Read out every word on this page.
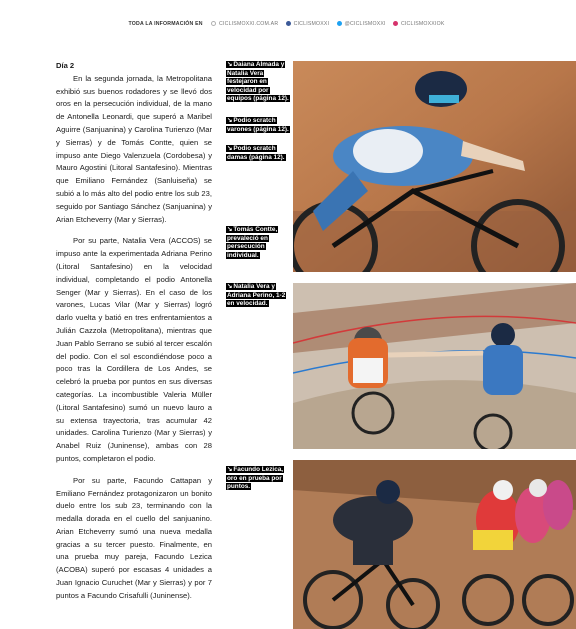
TODA LA INFORMACIÓN EN	CICLISMOXXI.COM.AR	CICLISMOXXI	@CICLISMOXXI	CICLISMOXXIOK
Día 2

En la segunda jornada, la Metropolitana exhibió sus buenos rodadores y se llevó dos oros en la persecución individual, de la mano de Antonella Leonardi, que superó a Maribel Aguirre (Sanjuanina) y Carolina Turienzo (Mar y Sierras) y de Tomás Contte, quien se impuso ante Diego Valenzuela (Cordobesa) y Mauro Agostini (Litoral Santafesino). Mientras que Emiliano Fernández (Sanluiseña) se subió a lo más alto del podio entre los sub 23, seguido por Santiago Sánchez (Sanjuanina) y Arian Etcheverry (Mar y Sierras).

Por su parte, Natalia Vera (ACCOS) se impuso ante la experimentada Adriana Perino (Litoral Santafesino) en la velocidad individual, completando el podio Antonella Senger (Mar y Sierras). En el caso de los varones, Lucas Vilar (Mar y Sierras) logró darlo vuelta y batió en tres enfrentamientos a Julián Cazzola (Metropolitana), mientras que Juan Pablo Serrano se subió al tercer escalón del podio. Con el sol escondiéndose poco a poco tras la Cordillera de Los Andes, se celebró la prueba por puntos en sus diversas categorías. La incombustible Valeria Müller (Litoral Santafesino) sumó un nuevo lauro a su extensa trayectoria, tras acumular 42 unidades. Carolina Turienzo (Mar y Sierras) y Anabel Ruiz (Juninense), ambas con 28 puntos, completaron el podio.

Por su parte, Facundo Cattapan y Emiliano Fernández protagonizaron un bonito duelo entre los sub 23, terminando con la medalla dorada en el cuello del sanjuanino. Arian Etcheverry sumó una nueva medalla gracias a su tercer puesto. Finalmente, en una prueba muy pareja, Facundo Lezica (ACOBA) superó por escasas 4 unidades a Juan Ignacio Curuchet (Mar y Sierras) y por 7 puntos a Facundo Crisafulli (Juninense).

↘Daiana Almada y Natalia Vera festejaron en velocidad por equipos (página 12).
↘Podio scratch varones (página 12).
↘Podio scratch damas (página 12).
↘Tomás Contte, prevaleció en persecución individual.
↘Natalia Vera y Adriana Perino, 1-2 en velocidad.
↘Facundo Lezica, oro en prueba por puntos.
